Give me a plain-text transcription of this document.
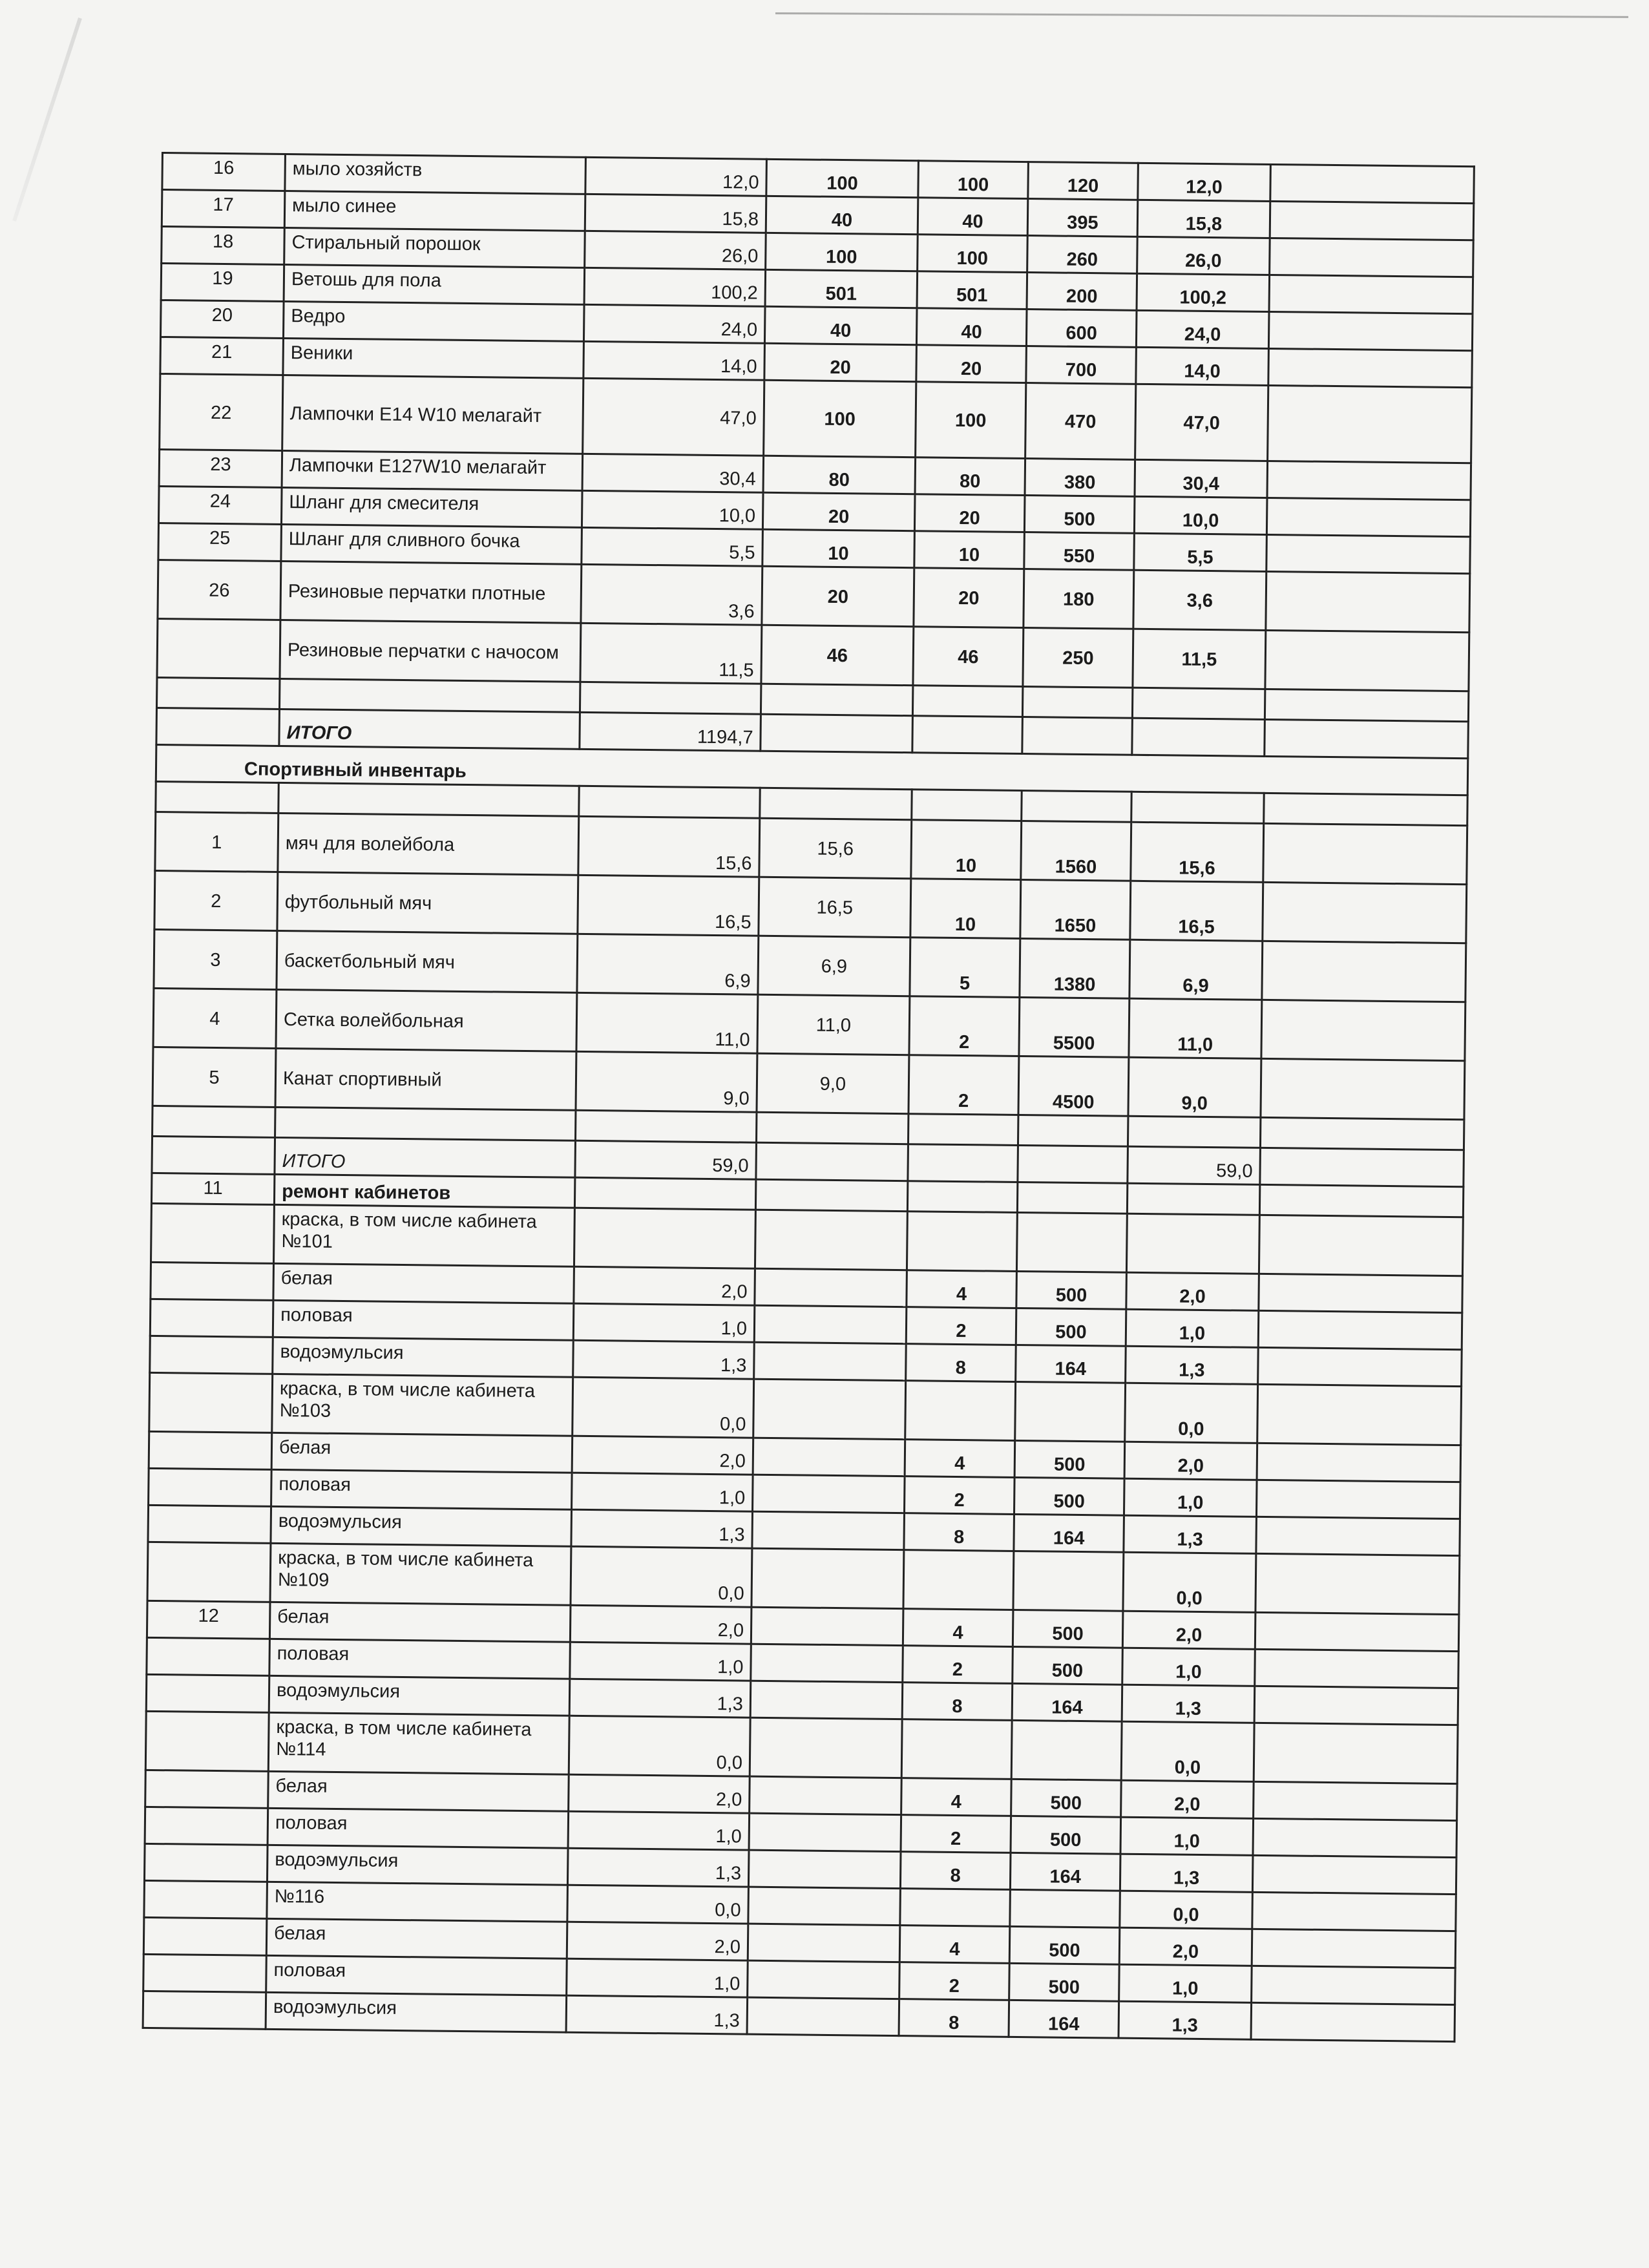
16	мыло хозяйств	12,0	100	100	120	12,0	
17	мыло синее	15,8	40	40	395	15,8	
18	Стиральный порошок	26,0	100	100	260	26,0	
19	Ветошь для пола	100,2	501	501	200	100,2	
20	Ведро	24,0	40	40	600	24,0	
21	Веники	14,0	20	20	700	14,0	
22	Лампочки Е14 W10 мелагайт	47,0	100	100	470	47,0	
23	Лампочки Е127W10 мелагайт	30,4	80	80	380	30,4	
24	Шланг для смесителя	10,0	20	20	500	10,0	
25	Шланг для сливного бочка	5,5	10	10	550	5,5	
26	Резиновые перчатки плотные	3,6	20	20	180	3,6	
	Резиновые перчатки с начосом	11,5	46	46	250	11,5	

	ИТОГО	1194,7					
Спортивный инвентарь							

1	мяч для волейбола	15,6	15,6	10	1560	15,6	
2	футбольный мяч	16,5	16,5	10	1650	16,5	
3	баскетбольный мяч	6,9	6,9	5	1380	6,9	
4	Сетка волейбольная	11,0	11,0	2	5500	11,0	
5	Канат спортивный	9,0	9,0	2	4500	9,0	

	ИТОГО	59,0				59,0	
11	ремонт кабинетов						
	краска, в том числе кабинета №101						
	белая	2,0		4	500	2,0	
	половая	1,0		2	500	1,0	
	водоэмульсия	1,3		8	164	1,3	
	краска, в том числе кабинета №103	0,0				0,0	
	белая	2,0		4	500	2,0	
	половая	1,0		2	500	1,0	
	водоэмульсия	1,3		8	164	1,3	
	краска, в том числе кабинета №109	0,0				0,0	
12	белая	2,0		4	500	2,0	
	половая	1,0		2	500	1,0	
	водоэмульсия	1,3		8	164	1,3	
	краска, в том числе кабинета №114	0,0				0,0	
	белая	2,0		4	500	2,0	
	половая	1,0		2	500	1,0	
	водоэмульсия	1,3		8	164	1,3	
	№116	0,0				0,0	
	белая	2,0		4	500	2,0	
	половая	1,0		2	500	1,0	
	водоэмульсия	1,3		8	164	1,3	
